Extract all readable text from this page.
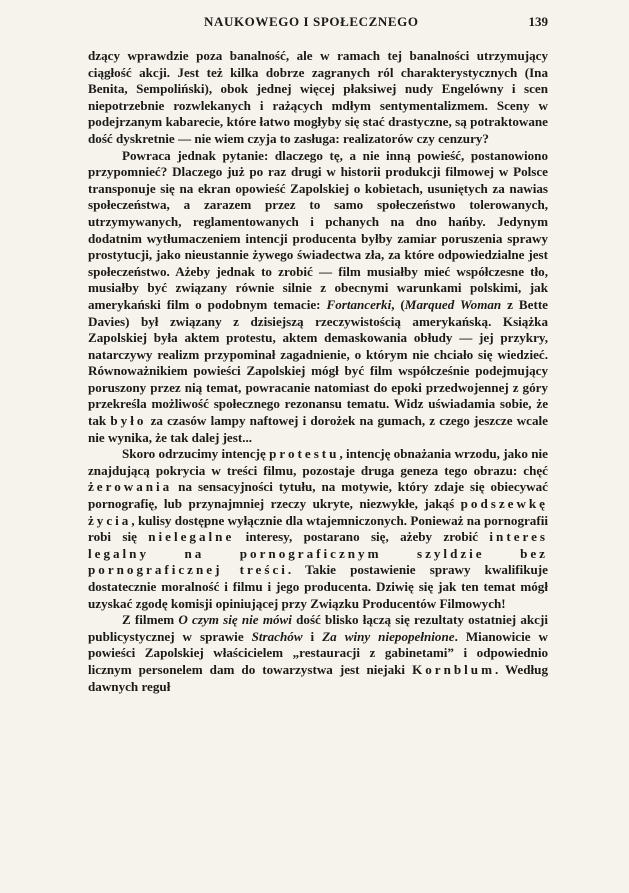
NAUKOWEGO I SPOŁECZNEGO	139

dzący wprawdzie poza banalność, ale w ramach tej banalności utrzymujący ciągłość akcji. Jest też kilka dobrze zagranych ról charakterystycznych (Ina Benita, Sempoliński), obok jednej więcej płaksiwej nudy Engelówny i scen niepotrzebnie rozwlekanych i rażących mdłym sentymentalizmem. Sceny w podejrzanym kabarecie, które łatwo mogłyby się stać drastyczne, są potraktowane dość dyskretnie — nie wiem czyja to zasługa: realizatorów czy cenzury?

Powraca jednak pytanie: dlaczego tę, a nie inną powieść, postanowiono przypomnieć? Dlaczego już po raz drugi w historii produkcji filmowej w Polsce transponuje się na ekran opowieść Zapolskiej o kobietach, usuniętych za nawias społeczeństwa, a zarazem przez to samo społeczeństwo tolerowanych, utrzymywanych, reglamentowanych i pchanych na dno hańby. Jedynym dodatnim wytłumaczeniem intencji producenta byłby zamiar poruszenia sprawy prostytucji, jako nieustannie żywego świadectwa zła, za które odpowiedzialne jest społeczeństwo. Ażeby jednak to zrobić — film musiałby mieć współczesne tło, musiałby być związany równie silnie z obecnymi warunkami polskimi, jak amerykański film o podobnym temacie: Fortancerki, (Marqued Woman z Bette Davies) był związany z dzisiejszą rzeczywistością amerykańską. Książka Zapolskiej była aktem protestu, aktem demaskowania obłudy — jej przykry, natarczywy realizm przypominał zagadnienie, o którym nie chciało się wiedzieć. Równoważnikiem powieści Zapolskiej mógł być film współcześnie podejmujący poruszony przez nią temat, powracanie natomiast do epoki przedwojennej z góry przekreśla możliwość społecznego rezonansu tematu. Widz uświadamia sobie, że tak było za czasów lampy naftowej i dorożek na gumach, z czego jeszcze wcale nie wynika, że tak dalej jest...

Skoro odrzucimy intencję protestu, intencję obnażania wrzodu, jako nie znajdującą pokrycia w treści filmu, pozostaje druga geneza tego obrazu: chęć żerowania na sensacyjności tytułu, na motywie, który zdaje się obiecywać pornografię, lub przynajmniej rzeczy ukryte, niezwykłe, jakąś podszewkę życia, kulisy dostępne wyłącznie dla wtajemniczonych. Ponieważ na pornografii robi się nielegalne interesy, postarano się, ażeby zrobić interes legalny na pornograficznym szyldzie bez pornograficznej treści. Takie postawienie sprawy kwalifikuje dostatecznie moralność i filmu i jego producenta. Dziwię się jak ten temat mógł uzyskać zgodę komisji opiniującej przy Związku Producentów Filmowych!

Z filmem O czym się nie mówi dość blisko łączą się rezultaty ostatniej akcji publicystycznej w sprawie Strachów i Za winy niepopełnione. Mianowicie w powieści Zapolskiej właścicielem „restauracji z gabinetami” i odpowiednio licznym personelem dam do towarzystwa jest niejaki Kornblum. Według dawnych reguł
